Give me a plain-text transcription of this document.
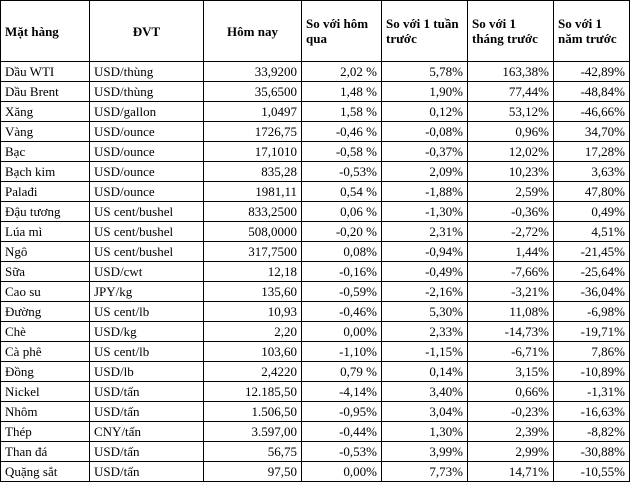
Mặt hàng	ĐVT	Hôm nay	So với hôm qua	So với 1 tuần trước	So với 1 tháng trước	So với 1 năm trước
Dầu WTI	USD/thùng	33,9200	2,02 %	5,78%	163,38%	-42,89%
Dầu Brent	USD/thùng	35,6500	1,48 %	1,90%	77,44%	-48,84%
Xăng	USD/gallon	1,0497	1,58 %	0,12%	53,12%	-46,66%
Vàng	USD/ounce	1726,75	-0,46 %	-0,08%	0,96%	34,70%
Bạc	USD/ounce	17,1010	-0,58 %	-0,37%	12,02%	17,28%
Bạch kim	USD/ounce	835,28	-0,53%	2,09%	10,23%	3,63%
Palađi	USD/ounce	1981,11	0,54 %	-1,88%	2,59%	47,80%
Đậu tương	US cent/bushel	833,2500	0,06 %	-1,30%	-0,36%	0,49%
Lúa mì	US cent/bushel	508,0000	-0,20 %	2,31%	-2,72%	4,51%
Ngô	US cent/bushel	317,7500	0,08%	-0,94%	1,44%	-21,45%
Sữa	USD/cwt	12,18	-0,16%	-0,49%	-7,66%	-25,64%
Cao su	JPY/kg	135,60	-0,59%	-2,16%	-3,21%	-36,04%
Đường	US cent/lb	10,93	-0,46%	5,30%	11,08%	-6,98%
Chè	USD/kg	2,20	0,00%	2,33%	-14,73%	-19,71%
Cà phê	US cent/lb	103,60	-1,10%	-1,15%	-6,71%	7,86%
Đồng	USD/lb	2,4220	0,79 %	0,14%	3,15%	-10,89%
Nickel	USD/tấn	12.185,50	-4,14%	3,40%	0,66%	-1,31%
Nhôm	USD/tấn	1.506,50	-0,95%	3,04%	-0,23%	-16,63%
Thép	CNY/tấn	3.597,00	-0,44%	1,30%	2,39%	-8,82%
Than đá	USD/tấn	56,75	-0,53%	3,99%	2,99%	-30,88%
Quặng sắt	USD/tấn	97,50	0,00%	7,73%	14,71%	-10,55%
